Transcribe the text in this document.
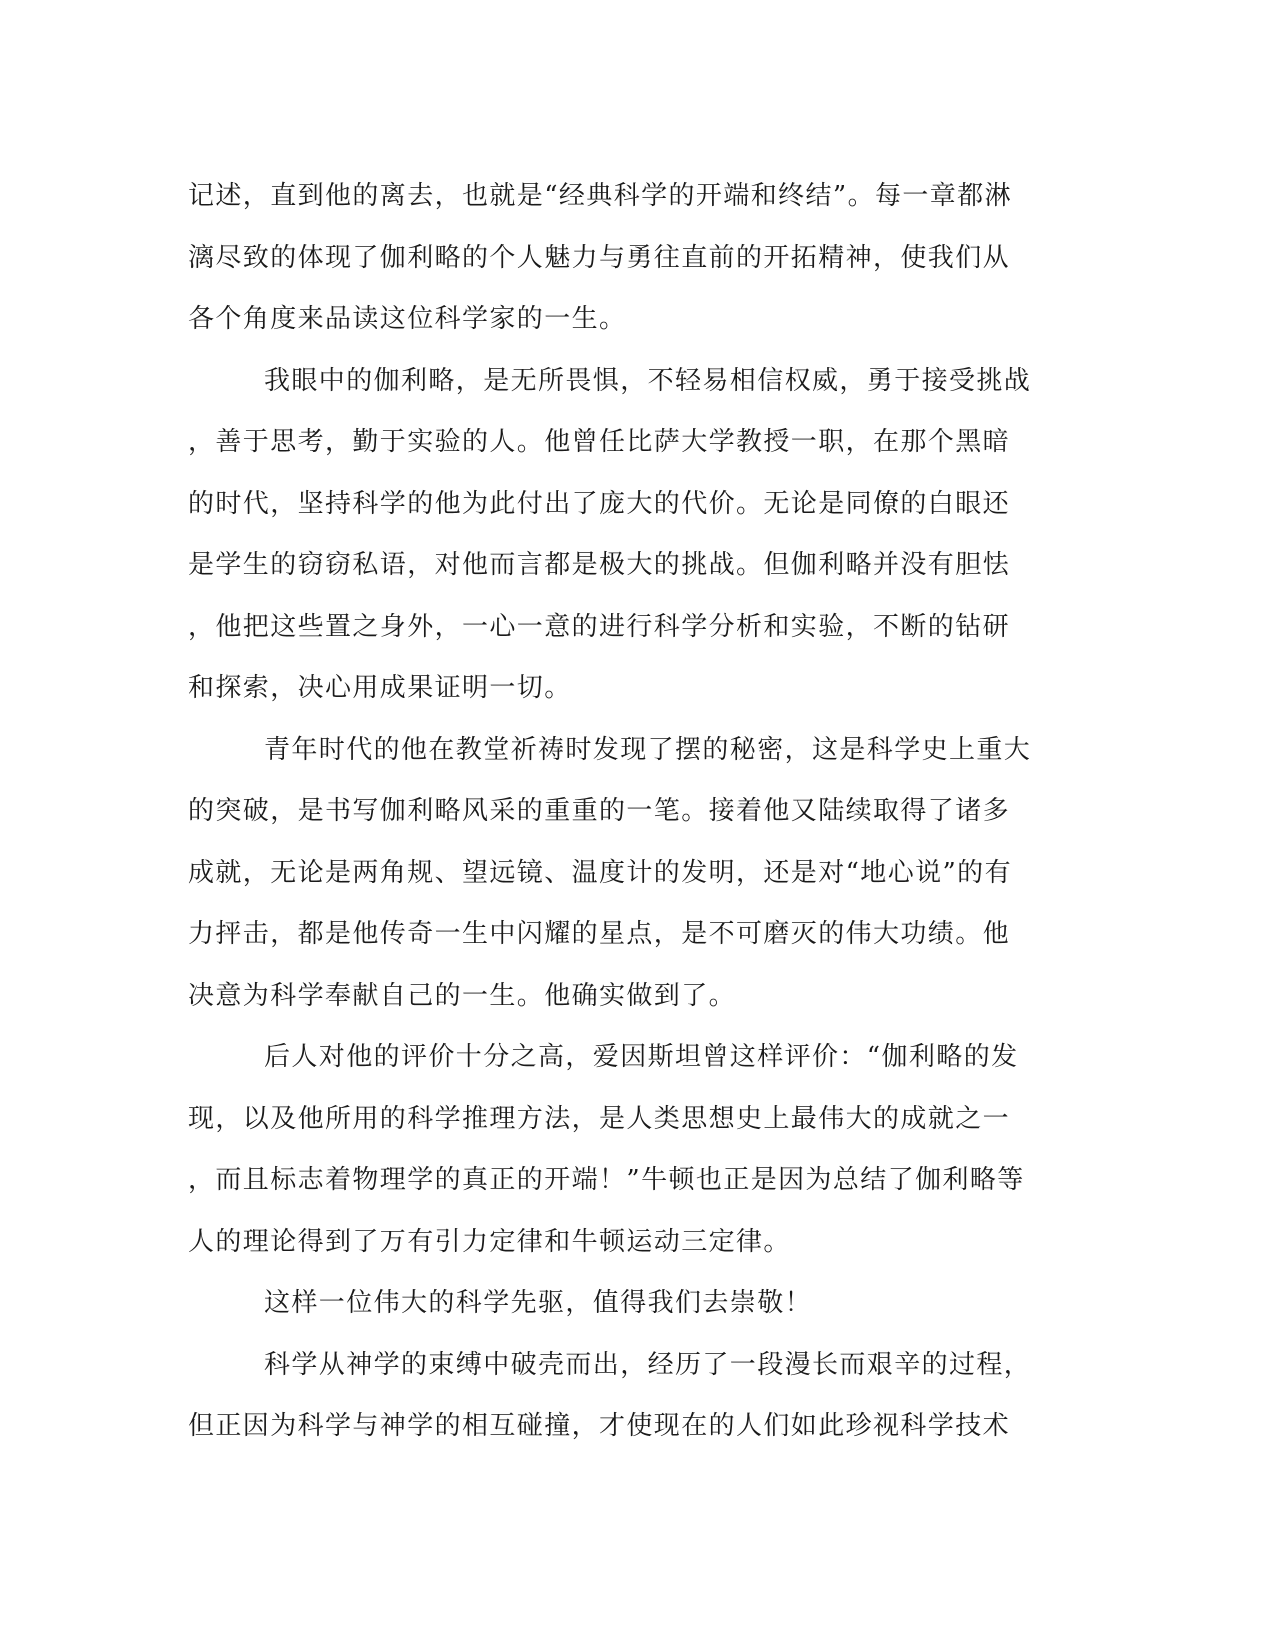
记述，直到他的离去，也就是“经典科学的开端和终结”。每一章都淋
漓尽致的体现了伽利略的个人魅力与勇往直前的开拓精神，使我们从
各个角度来品读这位科学家的一生。
我眼中的伽利略，是无所畏惧，不轻易相信权威，勇于接受挑战
，善于思考，勤于实验的人。他曾任比萨大学教授一职，在那个黑暗
的时代，坚持科学的他为此付出了庞大的代价。无论是同僚的白眼还
是学生的窃窃私语，对他而言都是极大的挑战。但伽利略并没有胆怯
，他把这些置之身外，一心一意的进行科学分析和实验，不断的钻研
和探索，决心用成果证明一切。
青年时代的他在教堂祈祷时发现了摆的秘密，这是科学史上重大
的突破，是书写伽利略风采的重重的一笔。接着他又陆续取得了诸多
成就，无论是两角规、望远镜、温度计的发明，还是对“地心说”的有
力抨击，都是他传奇一生中闪耀的星点，是不可磨灭的伟大功绩。他
决意为科学奉献自己的一生。他确实做到了。
后人对他的评价十分之高，爱因斯坦曾这样评价：“伽利略的发
现，以及他所用的科学推理方法，是人类思想史上最伟大的成就之一
，而且标志着物理学的真正的开端！”牛顿也正是因为总结了伽利略等
人的理论得到了万有引力定律和牛顿运动三定律。
这样一位伟大的科学先驱，值得我们去崇敬！
科学从神学的束缚中破壳而出，经历了一段漫长而艰辛的过程，
但正因为科学与神学的相互碰撞，才使现在的人们如此珍视科学技术
